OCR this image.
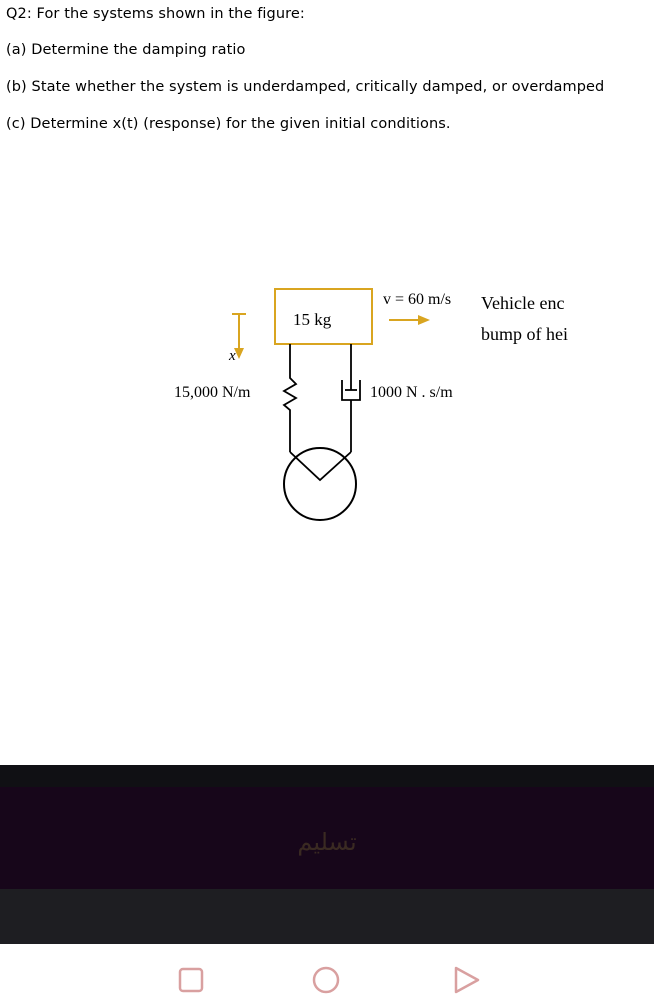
Q2: For the systems shown in the figure:
(a) Determine the damping ratio
(b) State whether the system is underdamped, critically damped, or overdamped
(c) Determine x(t) (response) for the given initial conditions.
15 kg
x
v = 60 m/s Vehicle enc
bump of hei
15,000 N/m	1000 N . s/m
تسليم
